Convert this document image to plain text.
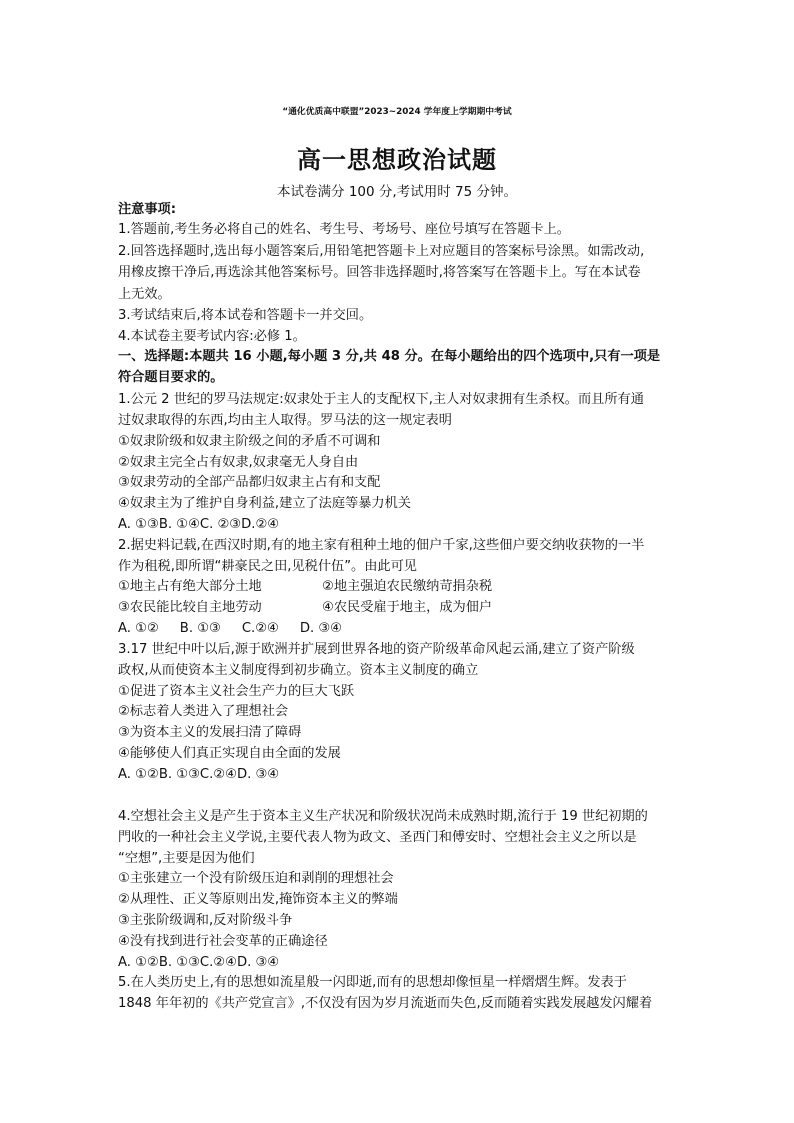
“通化优质高中联盟”2023~2024 学年度上学期期中考试
高一思想政治试题
本试卷满分 100 分,考试用时 75 分钟。
注意事项:
1.答题前,考生务必将自己的姓名、考生号、考场号、座位号填写在答题卡上。
2.回答选择题时,选出每小题答案后,用铅笔把答题卡上对应题目的答案标号涂黑。如需改动,
用橡皮擦干净后,再选涂其他答案标号。回答非选择题时,将答案写在答题卡上。写在本试卷
上无效。
3.考试结束后,将本试卷和答题卡一并交回。
4.本试卷主要考试内容:必修 1。
一、选择题:本题共 16 小题,每小题 3 分,共 48 分。在每小题给出的四个选项中,只有一项是
符合题目要求的。
1.公元 2 世纪的罗马法规定:奴隶处于主人的支配权下,主人对奴隶拥有生杀权。而且所有通
过奴隶取得的东西,均由主人取得。罗马法的这一规定表明
①奴隶阶级和奴隶主阶级之间的矛盾不可调和
②奴隶主完全占有奴隶,奴隶毫无人身自由
③奴隶劳动的全部产品都归奴隶主占有和支配
④奴隶主为了维护自身利益,建立了法庭等暴力机关
A. ①③B. ①④C. ②③D.②④
2.据史料记载,在西汉时期,有的地主家有租种土地的佃户千家,这些佃户要交纳收获物的一半
作为租税,即所谓“耕豪民之田,见税什伍”。由此可见
①地主占有绝大部分土地	②地主强迫农民缴纳苛捐杂税
③农民能比较自主地劳动	④农民受雇于地主，成为佃户
A. ①②     B. ①③     C.②④     D. ③④
3.17 世纪中叶以后,源于欧洲并扩展到世界各地的资产阶级革命风起云涌,建立了资产阶级
政权,从而使资本主义制度得到初步确立。资本主义制度的确立
①促进了资本主义社会生产力的巨大飞跃
②标志着人类进入了理想社会
③为资本主义的发展扫清了障碍
④能够使人们真正实现自由全面的发展
A. ①②B. ①③C.②④D. ③④
4.空想社会主义是产生于资本主义生产状况和阶级状况尚未成熟时期,流行于 19 世纪初期的
門收的一种社会主义学说,主要代表人物为政文、圣西门和傅安时、空想社会主义之所以是
“空想”,主要是因为他们
①主张建立一个没有阶级压迫和剥削的理想社会
②从理性、正义等原则出发,掩饰资本主义的弊端
③主张阶级调和,反对阶级斗争
④没有找到进行社会变革的正确途径
A. ①②B. ①③C.②④D. ③④
5.在人类历史上,有的思想如流星般一闪即逝,而有的思想却像恒星一样熠熠生辉。发表于
1848 年年初的《共产党宣言》,不仅没有因为岁月流逝而失色,反而随着实践发展越发闪耀着
